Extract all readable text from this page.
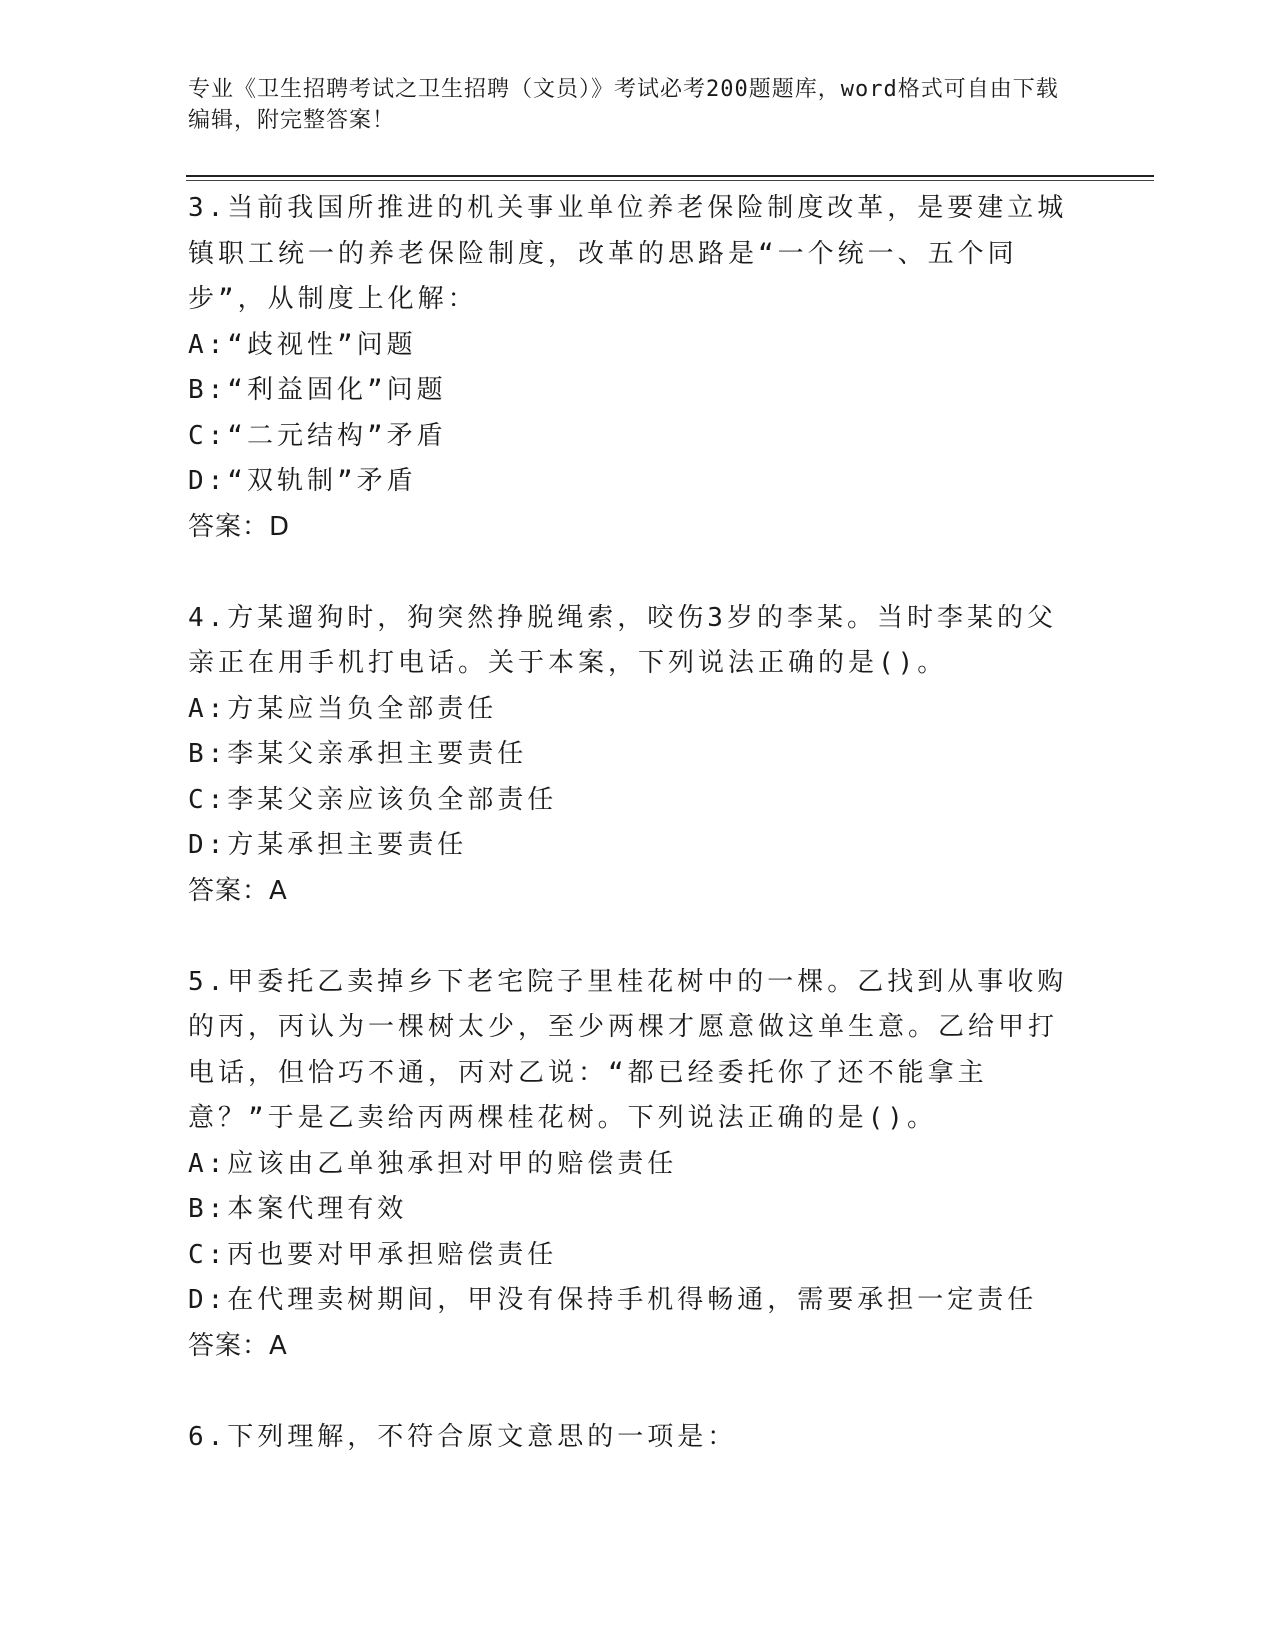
专业《卫生招聘考试之卫生招聘（文员）》考试必考200题题库，word格式可自由下载编辑，附完整答案！
3.当前我国所推进的机关事业单位养老保险制度改革，是要建立城镇职工统一的养老保险制度，改革的思路是“一个统一、五个同步”，从制度上化解：
A:“歧视性”问题
B:“利益固化”问题
C:“二元结构”矛盾
D:“双轨制”矛盾
答案：D
4.方某遛狗时，狗突然挣脱绳索，咬伤3岁的李某。当时李某的父亲正在用手机打电话。关于本案，下列说法正确的是()。
A:方某应当负全部责任
B:李某父亲承担主要责任
C:李某父亲应该负全部责任
D:方某承担主要责任
答案：A
5.甲委托乙卖掉乡下老宅院子里桂花树中的一棵。乙找到从事收购的丙，丙认为一棵树太少，至少两棵才愿意做这单生意。乙给甲打电话，但恰巧不通，丙对乙说：“都已经委托你了还不能拿主意？”于是乙卖给丙两棵桂花树。下列说法正确的是()。
A:应该由乙单独承担对甲的赔偿责任
B:本案代理有效
C:丙也要对甲承担赔偿责任
D:在代理卖树期间，甲没有保持手机得畅通，需要承担一定责任
答案：A
6.下列理解，不符合原文意思的一项是：
